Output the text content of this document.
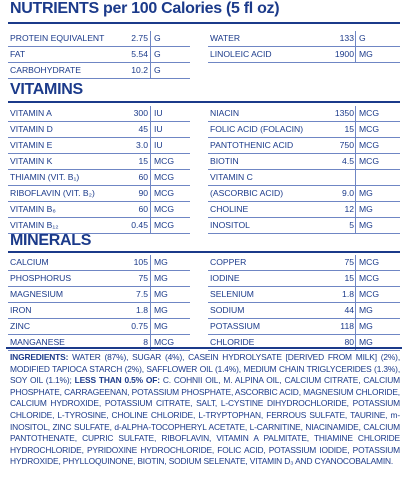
NUTRIENTS per 100 Calories (5 fl oz)
PROTEIN EQUIVALENT	2.75 G
FAT	5.54 G
CARBOHYDRATE	10.2 G
WATER	133 G
LINOLEIC ACID	1900 MG
VITAMINS
VITAMIN A	300 IU
VITAMIN D	45 IU
VITAMIN E	3.0 IU
VITAMIN K	15 MCG
THIAMIN (VIT. B₁)	60 MCG
RIBOFLAVIN (VIT. B₂)	90 MCG
VITAMIN B₆	60 MCG
VITAMIN B₁₂	0.45 MCG
NIACIN	1350 MCG
FOLIC ACID (FOLACIN)	15 MCG
PANTOTHENIC ACID	750 MCG
BIOTIN	4.5 MCG
VITAMIN C
(ASCORBIC ACID)	9.0 MG
CHOLINE	12 MG
INOSITOL	5 MG
MINERALS
CALCIUM	105 MG
PHOSPHORUS	75 MG
MAGNESIUM	7.5 MG
IRON	1.8 MG
ZINC	0.75 MG
MANGANESE	8 MCG
COPPER	75 MCG
IODINE	15 MCG
SELENIUM	1.8 MCG
SODIUM	44 MG
POTASSIUM	118 MG
CHLORIDE	80 MG
INGREDIENTS: WATER (87%), SUGAR (4%), CASEIN HYDROLYSATE [DERIVED FROM MILK] (2%), MODIFIED TAPIOCA STARCH (2%), SAFFLOWER OIL (1.4%), MEDIUM CHAIN TRIGLYCERIDES (1.3%), SOY OIL (1.1%); LESS THAN 0.5% OF: C. COHNII OIL, M. ALPINA OIL, CALCIUM CITRATE, CALCIUM PHOSPHATE, CARRAGEENAN, POTASSIUM PHOSPHATE, ASCORBIC ACID, MAGNESIUM CHLORIDE, CALCIUM HYDROXIDE, POTASSIUM CITRATE, SALT, L-CYSTINE DIHYDROCHLORIDE, POTASSIUM CHLORIDE, L-TYROSINE, CHOLINE CHLORIDE, L-TRYPTOPHAN, FERROUS SULFATE, TAURINE, m-INOSITOL, ZINC SULFATE, d-ALPHA-TOCOPHERYL ACETATE, L-CARNITINE, NIACINAMIDE, CALCIUM PANTOTHENATE, CUPRIC SULFATE, RIBOFLAVIN, VITAMIN A PALMITATE, THIAMINE CHLORIDE HYDROCHLORIDE, PYRIDOXINE HYDROCHLORIDE, FOLIC ACID, POTASSIUM IODIDE, POTASSIUM HYDROXIDE, PHYLLOQUINONE, BIOTIN, SODIUM SELENATE, VITAMIN D₃ AND CYANOCOBALAMIN.
